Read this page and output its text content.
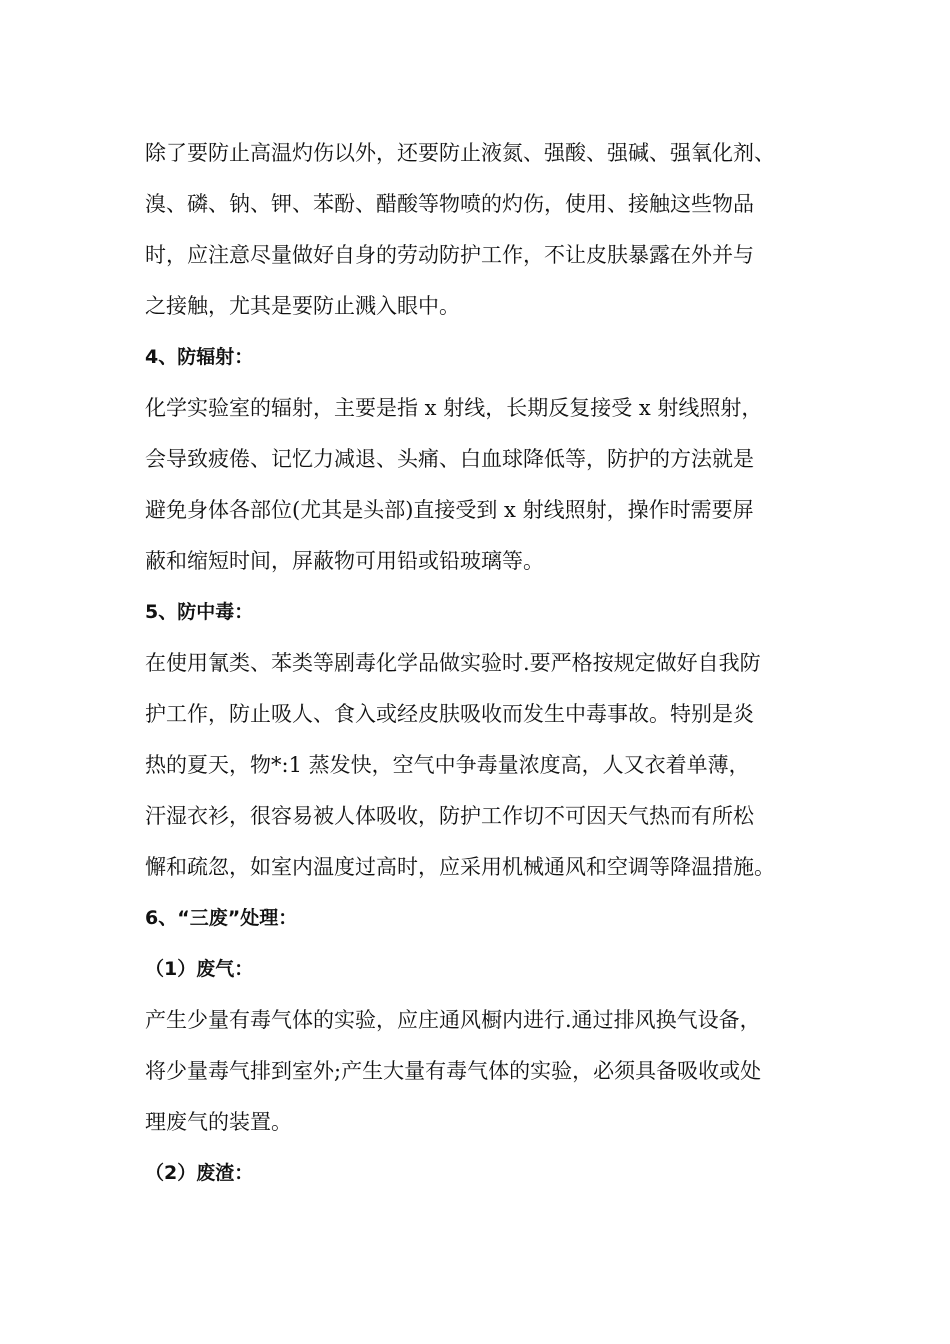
除了要防止高温灼伤以外，还要防止液氮、强酸、强碱、强氧化剂、
溴、磷、钠、钾、苯酚、醋酸等物喷的灼伤，使用、接触这些物品
时，应注意尽量做好自身的劳动防护工作，不让皮肤暴露在外并与
之接触，尤其是要防止溅入眼中。
4、防辐射：
化学实验室的辐射，主要是指 x 射线，长期反复接受 x 射线照射，
会导致疲倦、记忆力减退、头痛、白血球降低等，防护的方法就是
避免身体各部位(尤其是头部)直接受到 x 射线照射，操作时需要屏
蔽和缩短时间，屏蔽物可用铅或铅玻璃等。
5、防中毒：
在使用氰类、苯类等剧毒化学品做实验时.要严格按规定做好自我防
护工作，防止吸人、食入或经皮肤吸收而发生中毒事故。特别是炎
热的夏天，物*:1 蒸发快，空气中争毒量浓度高，人又衣着单薄，
汗湿衣衫，很容易被人体吸收，防护工作切不可因天气热而有所松
懈和疏忽，如室内温度过高时，应采用机械通风和空调等降温措施。
6、“三废”处理：
（1）废气：
产生少量有毒气体的实验，应庄通风橱内进行.通过排风换气设备，
将少量毒气排到室外;产生大量有毒气体的实验，必须具备吸收或处
理废气的装置。
（2）废渣：
